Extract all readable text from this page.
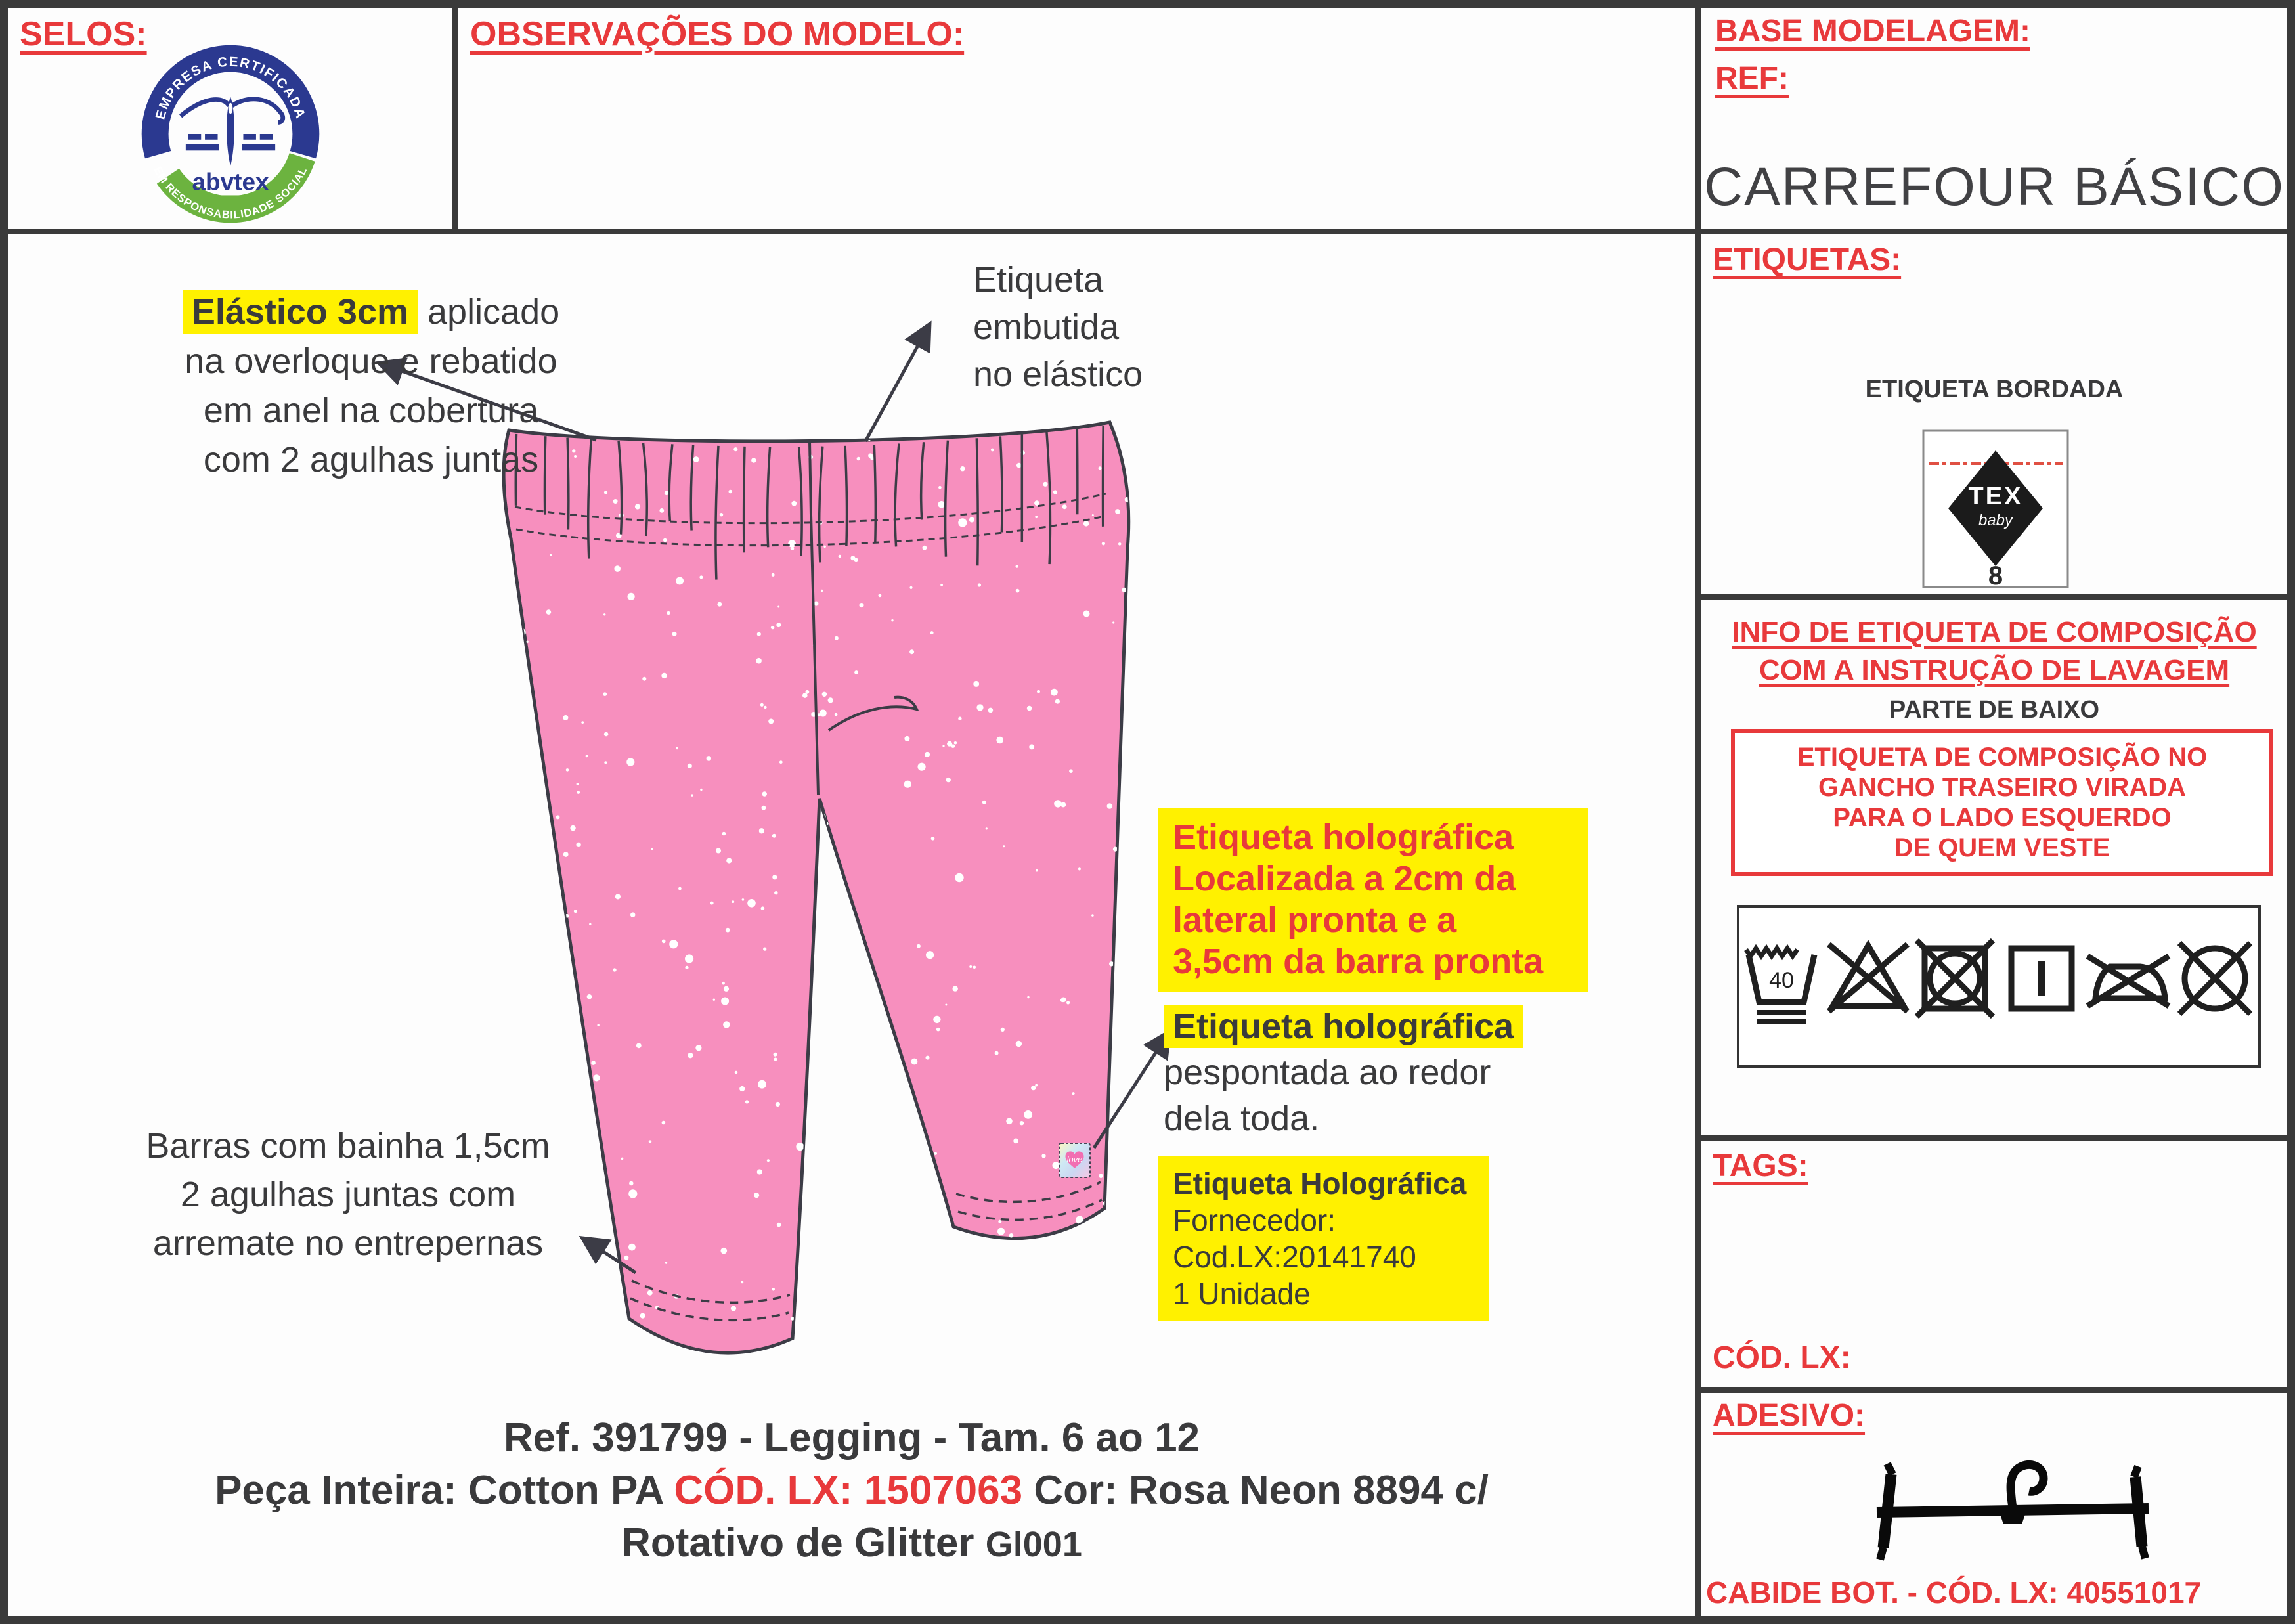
SELOS:
EMPRESA CERTIFICADA
EM RESPONSABILIDADE SOCIAL
abvtex
OBSERVAÇÕES DO MODELO:	BASE MODELAGEM:
REF:
CARREFOUR BÁSICO
love
Elástico 3cm aplicado
na overloque e rebatido
em anel na cobertura
com 2 agulhas juntas
Etiqueta
embutida
no elástico
Etiqueta holográfica
Localizada a 2cm da
lateral pronta e a
3,5cm da barra pronta
Etiqueta holográfica
pespontada ao redor
dela toda.
Etiqueta Holográfica
Fornecedor:
Cod.LX:20141740
1 Unidade
Barras com bainha 1,5cm
2 agulhas juntas com
arremate no entrepernas
Ref. 391799 - Legging - Tam. 6 ao 12
Peça Inteira: Cotton PA CÓD. LX: 1507063 Cor: Rosa Neon 8894 c/
Rotativo de Glitter Gl001
ETIQUETAS:
ETIQUETA BORDADA
TEX
baby
8
INFO DE ETIQUETA DE COMPOSIÇÃO
COM A INSTRUÇÃO DE LAVAGEM
PARTE DE BAIXO
ETIQUETA DE COMPOSIÇÃO NO
GANCHO TRASEIRO VIRADA
PARA O LADO ESQUERDO
DE QUEM VESTE
40
TAGS:
CÓD. LX:
ADESIVO:
CABIDE BOT. - CÓD. LX: 40551017
